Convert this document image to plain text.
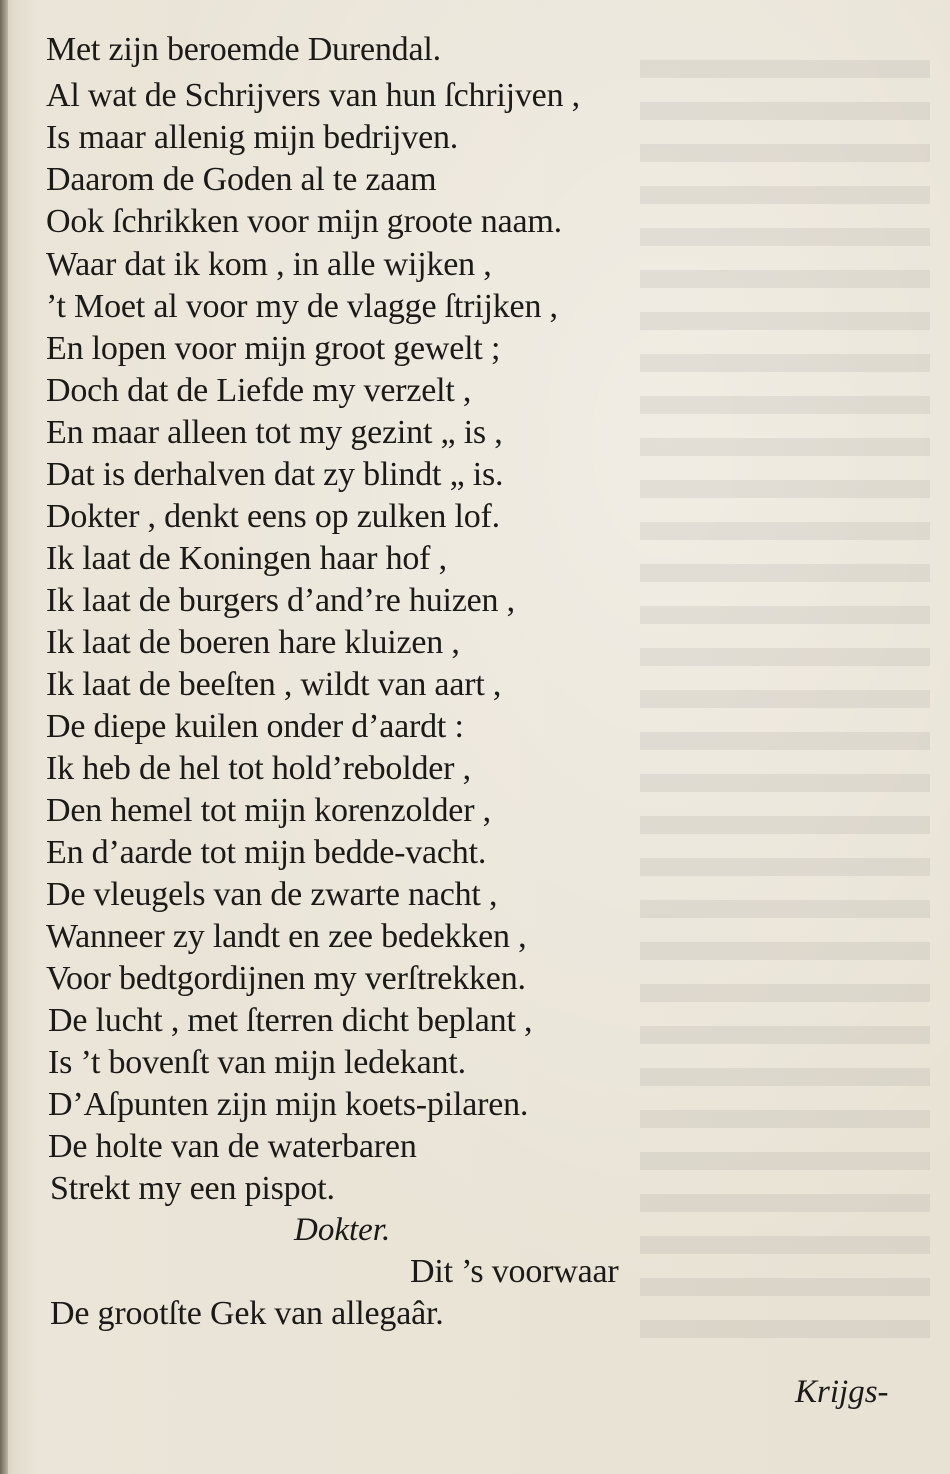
Met zijn beroemde Durendal.
Al wat de Schrijvers van hun ſchrijven ,
Is maar allenig mijn bedrijven.
Daarom de Goden al te zaam
Ook ſchrikken voor mijn groote naam.
Waar dat ik kom , in alle wijken ,
’t Moet al voor my de vlagge ſtrijken ,
En lopen voor mijn groot gewelt ;
Doch dat de Liefde my verzelt ,
En maar alleen tot my gezint „ is ,
Dat is derhalven dat zy blindt „ is.
Dokter , denkt eens op zulken lof.
Ik laat de Koningen haar hof ,
Ik laat de burgers d’and’re huizen ,
Ik laat de boeren hare kluizen ,
Ik laat de beeſten , wildt van aart ,
De diepe kuilen onder d’aardt :
Ik heb de hel tot hold’rebolder ,
Den hemel tot mijn korenzolder ,
En d’aarde tot mijn bedde-vacht.
De vleugels van de zwarte nacht ,
Wanneer zy landt en zee bedekken ,
Voor bedtgordijnen my verſtrekken.
De lucht , met ſterren dicht beplant ,
Is ’t bovenſt van mijn ledekant.
D’Aſpunten zijn mijn koets-pilaren.
De holte van de waterbaren
Strekt my een pispot.
Dokter.
Dit ’s voorwaar
De grootſte Gek van allegaâr.
Krijgs-
